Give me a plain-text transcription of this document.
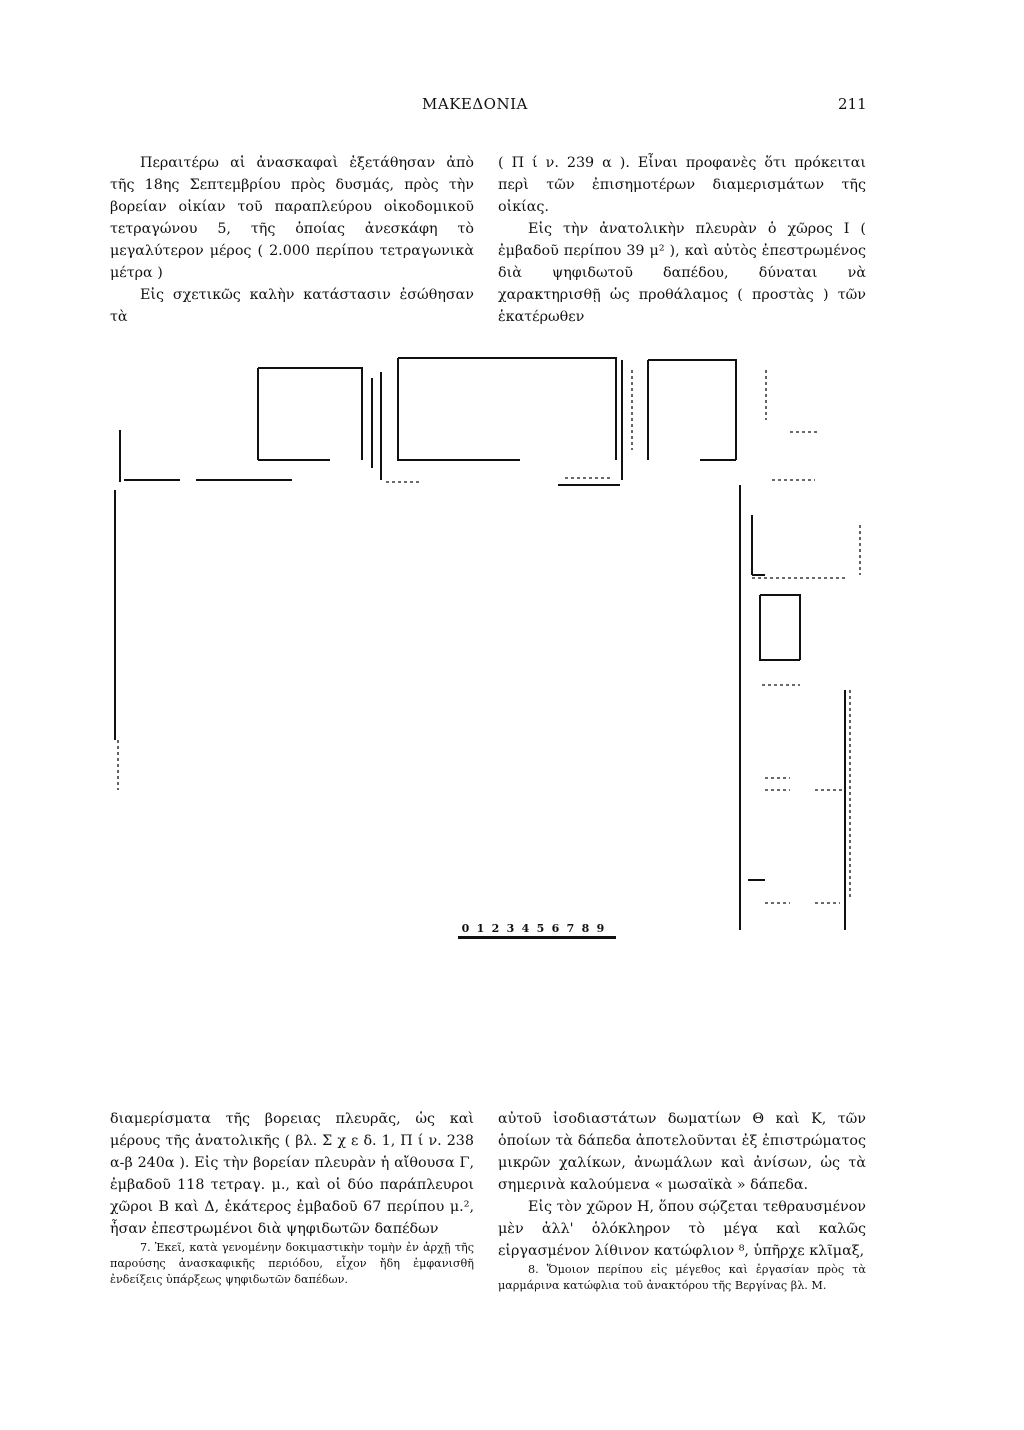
ΜΑΚΕΔΟΝΙΑ	211

Περαιτέρω αἱ ἀνασκαφαὶ ἐξετάθησαν ἀπὸ τῆς 18ης Σεπτεμβρίου πρὸς δυσμάς, πρὸς τὴν βορείαν οἰκίαν τοῦ παραπλεύρου οἰκοδομικοῦ τετραγώνου 5, τῆς ὁποίας ἀνεσκάφη τὸ μεγαλύτερον μέρος ( 2.000 περίπου τετραγωνικὰ μέτρα )

Εἰς σχετικῶς καλὴν κατάστασιν ἐσώθησαν τὰ

( Π ί ν. 239 α ). Εἶναι προφανὲς ὅτι πρόκειται περὶ τῶν ἐπισημοτέρων διαμερισμάτων τῆς οἰκίας.

Εἰς τὴν ἀνατολικὴν πλευρὰν ὁ χῶρος Ι ( ἐμβαδοῦ περίπου 39 μ² ), καὶ αὐτὸς ἐπεστρωμένος διὰ ψηφιδωτοῦ δαπέδου, δύναται νὰ χαρακτηρισθῇ ὡς προθάλαμος ( προστὰς ) τῶν ἑκατέρωθεν

0 1 2 3 4 5 6 7 8 9

διαμερίσματα τῆς βορειας πλευρᾶς, ὡς καὶ μέρους τῆς ἀνατολικῆς ( βλ. Σ χ ε δ. 1, Π ί ν. 238 α-β 240α ). Εἰς τὴν βορείαν πλευρὰν ἡ αἴθουσα Γ, ἐμβαδοῦ 118 τετραγ. μ., καὶ οἱ δύο παράπλευροι χῶροι Β καὶ Δ, ἑκάτερος ἐμβαδοῦ 67 περίπου μ.², ἦσαν ἐπεστρωμένοι διὰ ψηφιδωτῶν δαπέδων

7. Ἐκεῖ, κατὰ γενομένην δοκιμαστικὴν τομὴν ἐν ἀρχῇ τῆς παρούσης ἀνασκαφικῆς περιόδου, εἶχον ἤδη ἐμφανισθῆ ἐνδείξεις ὑπάρξεως ψηφιδωτῶν δαπέδων.

αὐτοῦ ἰσοδιαστάτων δωματίων Θ καὶ Κ, τῶν ὁποίων τὰ δάπεδα ἀποτελοῦνται ἐξ ἐπιστρώματος μικρῶν χαλίκων, ἀνωμάλων καὶ ἀνίσων, ὡς τὰ σημερινὰ καλούμενα « μωσαϊκὰ » δάπεδα.

Εἰς τὸν χῶρον Η, ὅπου σῴζεται τεθραυσμένον μὲν ἀλλ' ὁλόκληρον τὸ μέγα καὶ καλῶς εἰργασμένον λίθινον κατώφλιον ⁸, ὑπῆρχε κλῖμαξ,

8. Ὅμοιον περίπου εἰς μέγεθος καὶ ἐργασίαν πρὸς τὰ μαρμάρινα κατώφλια τοῦ ἀνακτόρου τῆς Βεργίνας βλ. Μ.
